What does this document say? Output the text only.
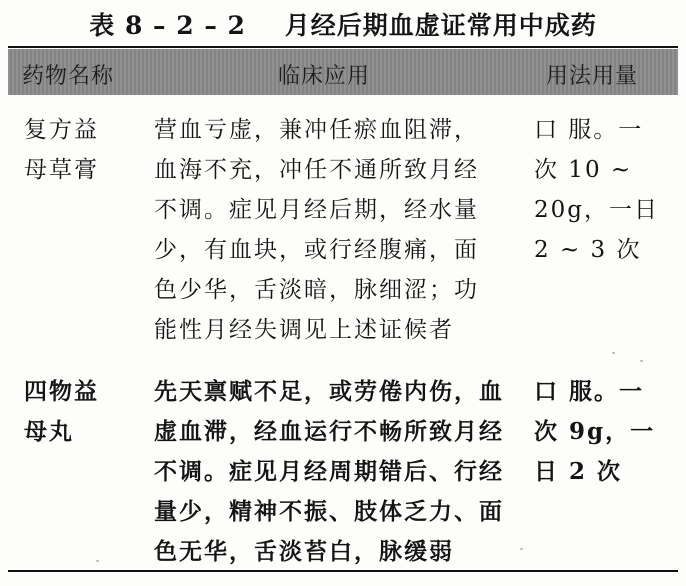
表 8 – 2 – 2    月经后期血虚证常用中成药
药物名称	临床应用	用法用量
复方益
母草膏
营血亏虚，兼冲任瘀血阻滞，
血海不充，冲任不通所致月经
不调。症见月经后期，经水量
少，有血块，或行经腹痛，面
色少华，舌淡暗，脉细涩；功
能性月经失调见上述证候者
口 服。一
次 10 ~
20g，一日
2 ~ 3 次
四物益
母丸
先天禀赋不足，或劳倦内伤，血
虚血滞，经血运行不畅所致月经
不调。症见月经周期错后、行经
量少，精神不振、肢体乏力、面
色无华，舌淡苔白，脉缓弱
口 服。一
次 9g，一
日 2 次
